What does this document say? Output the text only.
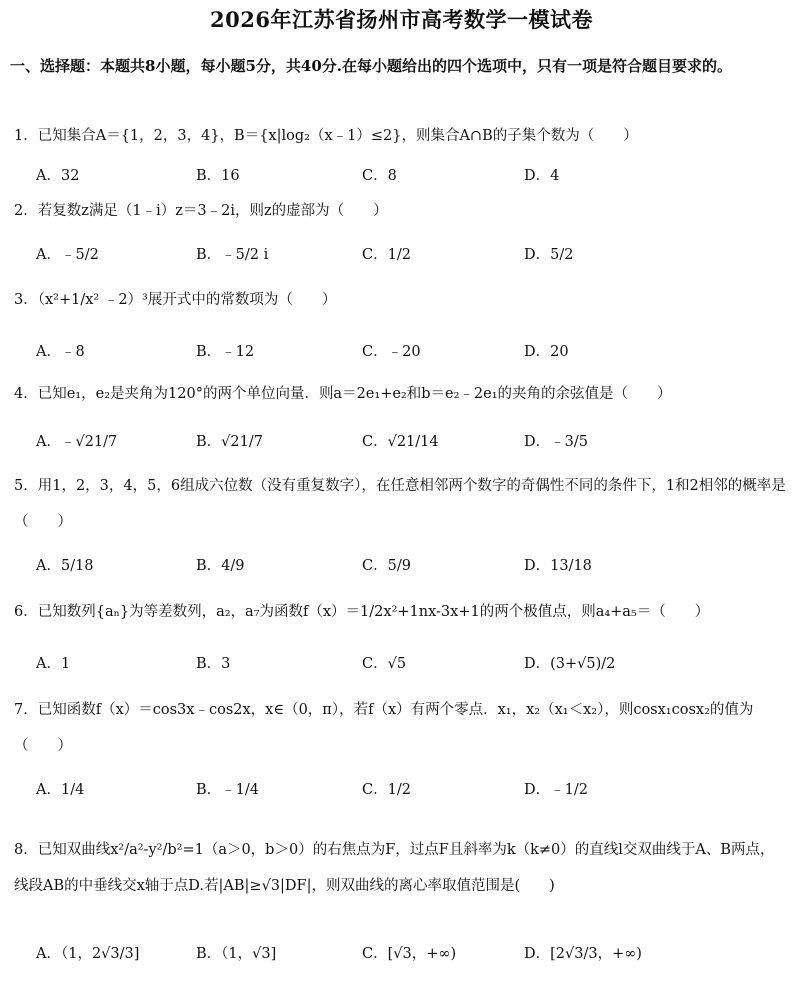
2026年江苏省扬州市高考数学一模试卷
一、选择题：本题共8小题，每小题5分，共40分.在每小题给出的四个选项中，只有一项是符合题目要求的。
1．已知集合A＝{1，2，3，4}，B＝{x|log₂（x﹣1）≤2}，则集合A∩B的子集个数为（　　）
A．32	B．16	C．8	D．4
2．若复数z满足（1﹣i）z＝3﹣2i，则z的虚部为（　　）
A．﹣5/2	B．﹣5/2 i	C．1/2	D．5/2
3．（x²+1/x² ﹣2）³展开式中的常数项为（　　）
A．﹣8	B．﹣12	C．﹣20	D．20
4．已知e₁，e₂是夹角为120°的两个单位向量．则a＝2e₁+e₂和b＝e₂﹣2e₁的夹角的余弦值是（　　）
A．﹣√21/7	B．√21/7	C．√21/14	D．﹣3/5
5．用1，2，3，4，5，6组成六位数（没有重复数字），在任意相邻两个数字的奇偶性不同的条件下，1和2相邻的概率是（　　）
A．5/18	B．4/9	C．5/9	D．13/18
6．已知数列{aₙ}为等差数列，a₂，a₇为函数f（x）＝1/2x²+1nx-3x+1的两个极值点，则a₄+a₅＝（　　）
A．1	B．3	C．√5	D．(3+√5)/2
7．已知函数f（x）＝cos3x﹣cos2x，x∈（0，π），若f（x）有两个零点．x₁，x₂（x₁＜x₂），则cosx₁cosx₂的值为（　　）
A．1/4	B．﹣1/4	C．1/2	D．﹣1/2
8．已知双曲线x²/a²-y²/b²=1（a＞0，b＞0）的右焦点为F，过点F且斜率为k（k≠0）的直线l交双曲线于A、B两点，线段AB的中垂线交x轴于点D.若|AB|≥√3|DF|，则双曲线的离心率取值范围是(　　)
A．（1，2√3/3]	B．（1，√3]	C．[√3，+∞)	D．[2√3/3，+∞)
